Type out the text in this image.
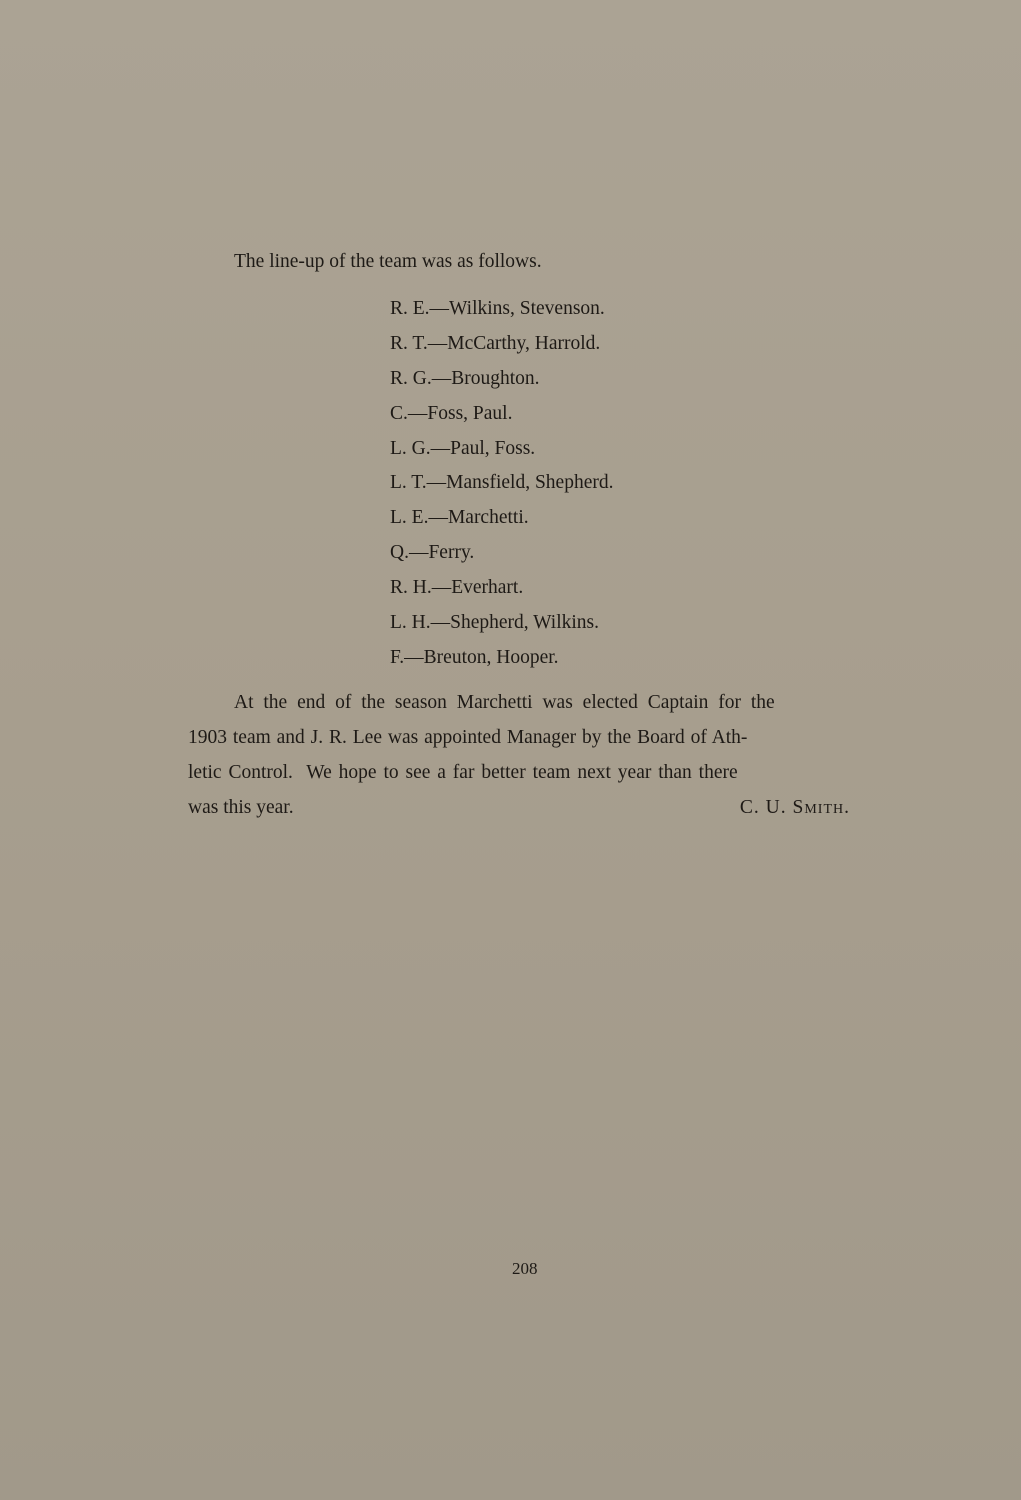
The line-up of the team was as follows.
R. E.—Wilkins, Stevenson.
R. T.—McCarthy, Harrold.
R. G.—Broughton.
C.—Foss, Paul.
L. G.—Paul, Foss.
L. T.—Mansfield, Shepherd.
L. E.—Marchetti.
Q.—Ferry.
R. H.—Everhart.
L. H.—Shepherd, Wilkins.
F.—Breuton, Hooper.
At the end of the season Marchetti was elected Captain for the
1903 team and J. R. Lee was appointed Manager by the Board of Ath-
letic Control.  We hope to see a far better team next year than there
was this year.	C. U. Smith.
208
